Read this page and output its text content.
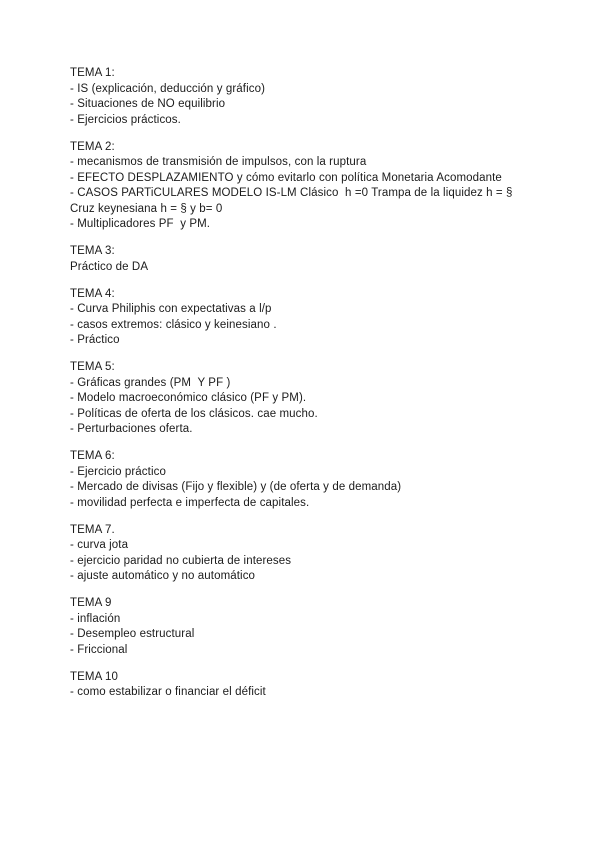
TEMA 1:
- IS (explicación, deducción y gráfico)
- Situaciones de NO equilibrio
- Ejercicios prácticos.
TEMA 2:
- mecanismos de transmisión de impulsos, con la ruptura
- EFECTO DESPLAZAMIENTO y cómo evitarlo con política Monetaria Acomodante
- CASOS PARTiCULARES MODELO IS-LM Clásico  h =0 Trampa de la liquidez h = §
Cruz keynesiana h = § y b= 0
- Multiplicadores PF  y PM.
TEMA 3:
Práctico de DA
TEMA 4:
- Curva Philiphis con expectativas a l/p
- casos extremos: clásico y keinesiano .
- Práctico
TEMA 5:
- Gráficas grandes (PM  Y PF )
- Modelo macroeconómico clásico (PF y PM).
- Políticas de oferta de los clásicos. cae mucho.
- Perturbaciones oferta.
TEMA 6:
- Ejercicio práctico
- Mercado de divisas (Fijo y flexible) y (de oferta y de demanda)
- movilidad perfecta e imperfecta de capitales.
TEMA 7.
- curva jota
- ejercicio paridad no cubierta de intereses
- ajuste automático y no automático
TEMA 9
- inflación
- Desempleo estructural
- Friccional
TEMA 10
- como estabilizar o financiar el déficit
